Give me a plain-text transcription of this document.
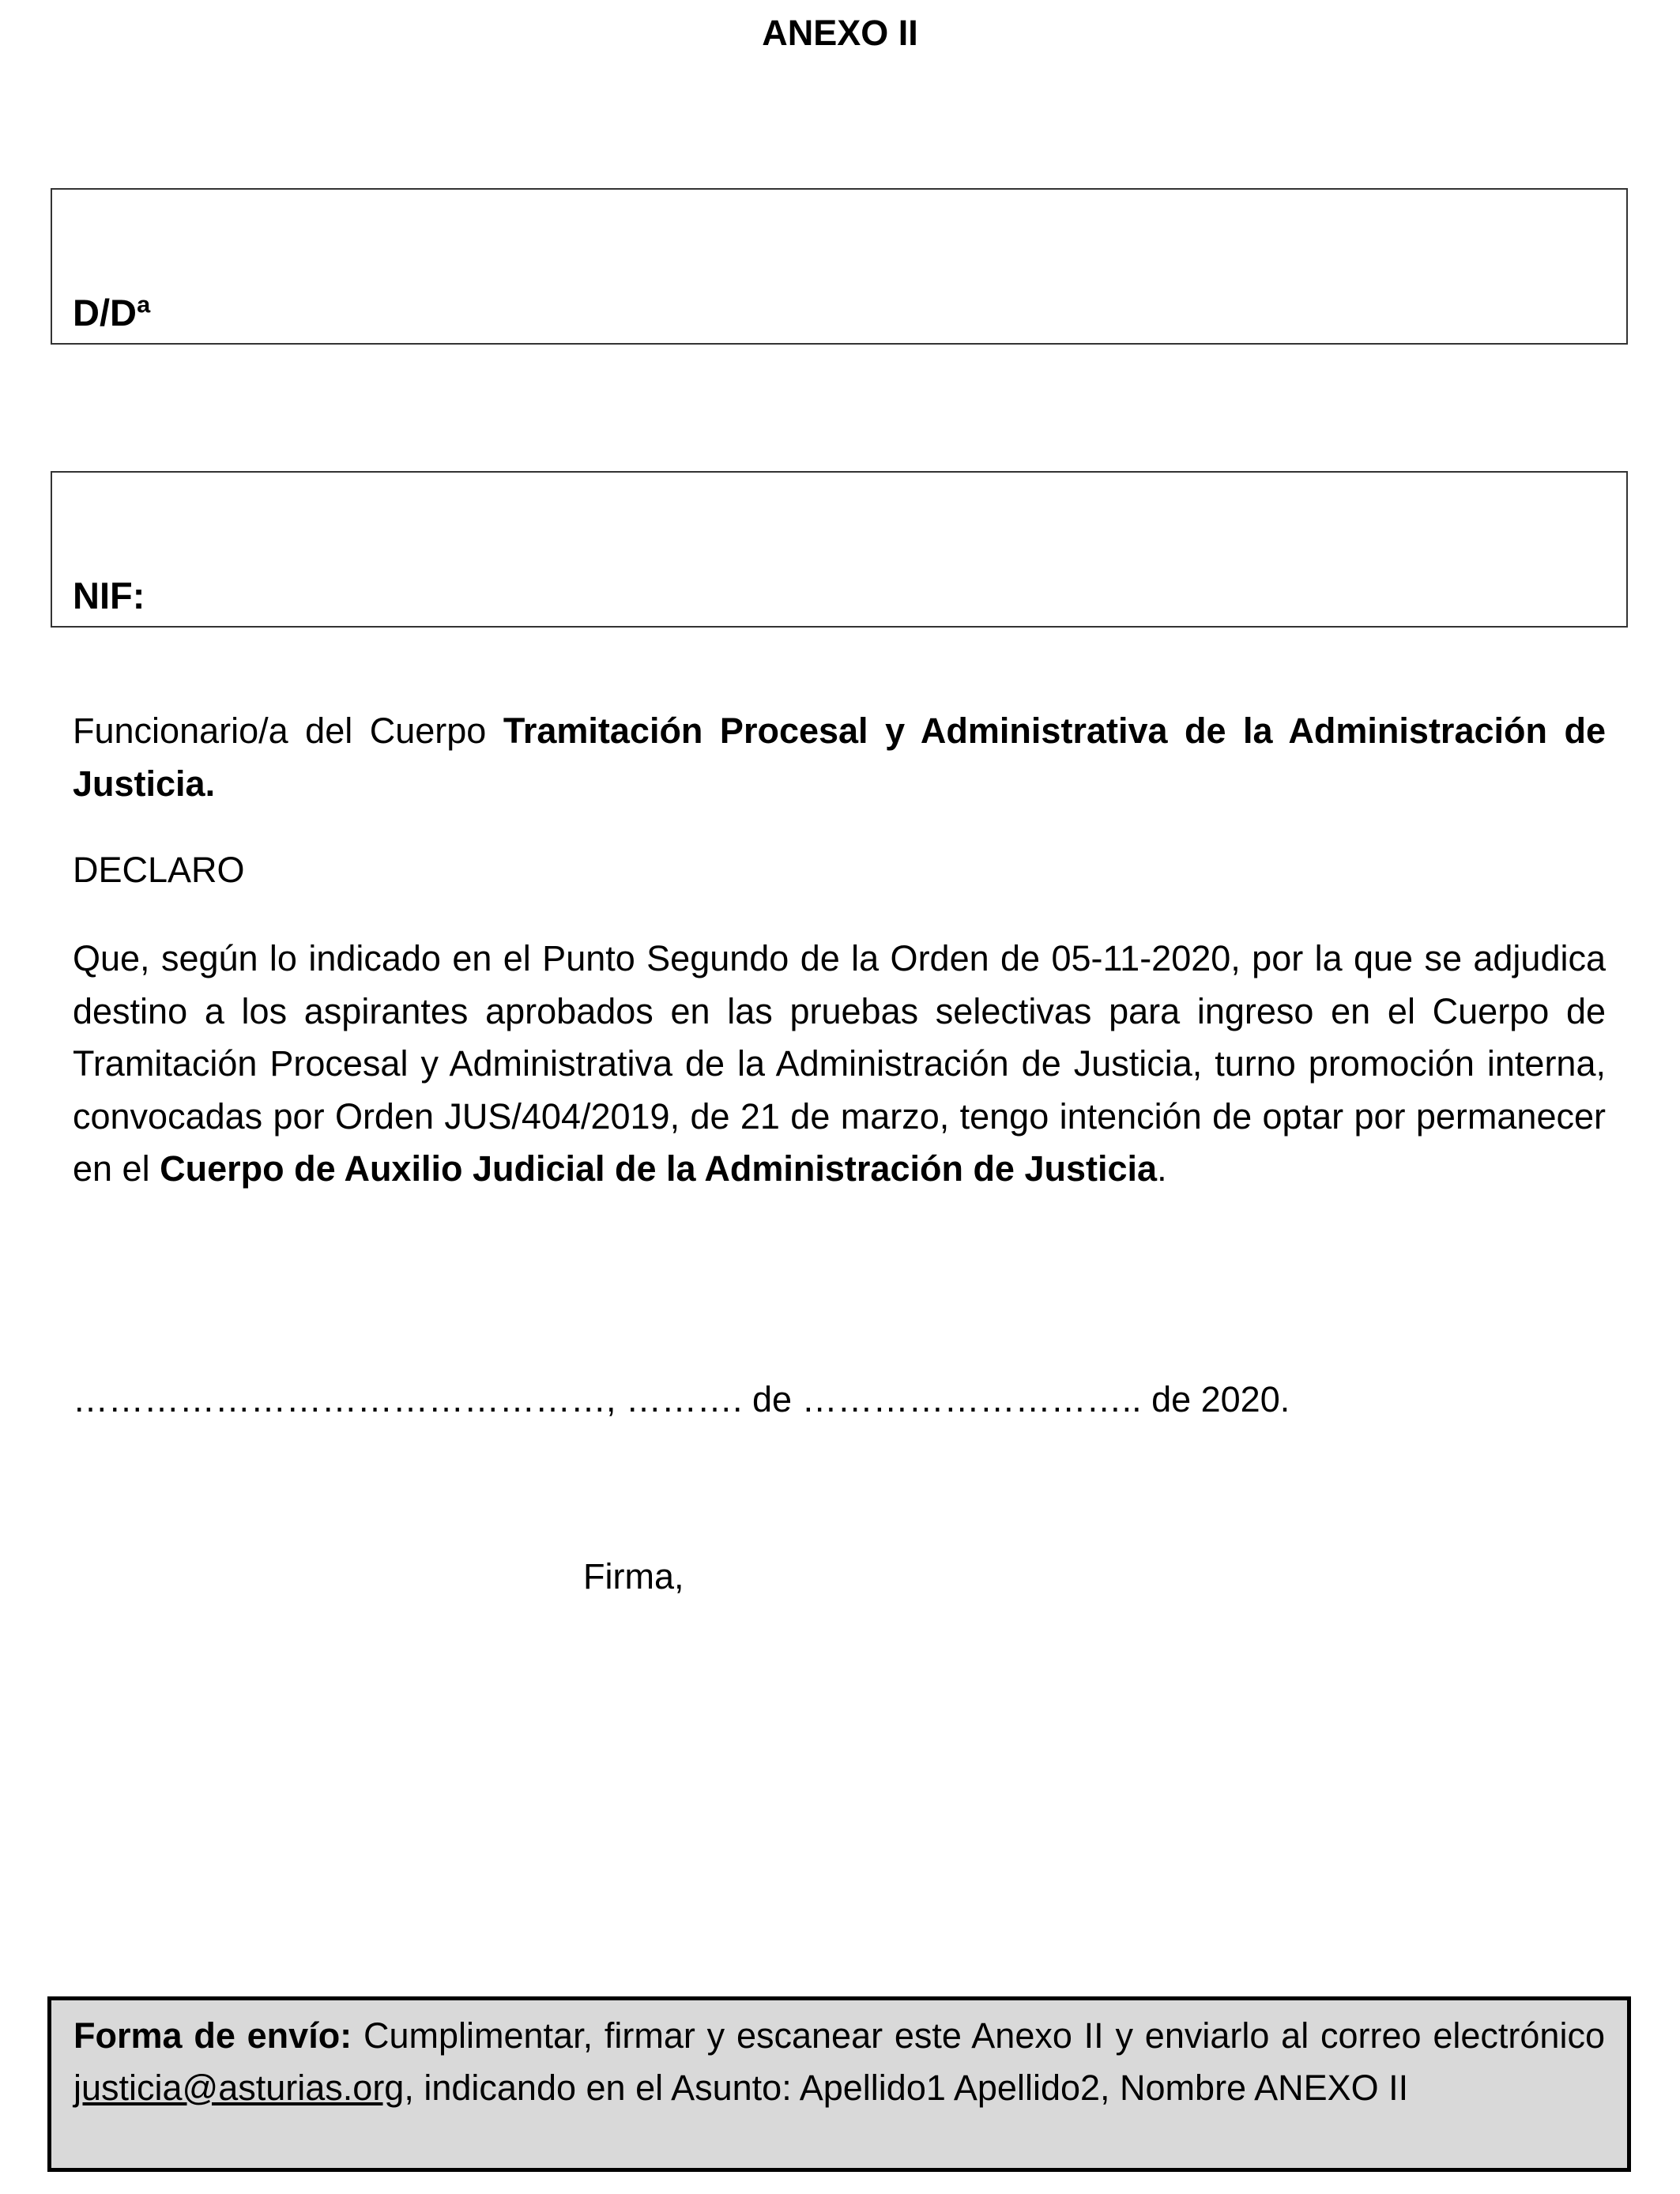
ANEXO II
D/Dª
NIF:
Funcionario/a del Cuerpo Tramitación Procesal y Administrativa de la Administración de Justicia.
DECLARO
Que, según lo indicado en el Punto Segundo de la Orden de 05-11-2020, por la que se adjudica destino a los aspirantes aprobados en las pruebas selectivas para ingreso en el Cuerpo de Tramitación Procesal y Administrativa de la Administración de Justicia, turno promoción interna, convocadas por Orden JUS/404/2019, de 21 de marzo, tengo intención de optar por permanecer en el Cuerpo de Auxilio Judicial de la Administración de Justicia.
………………………………………, ………. de ……………………….. de 2020.
Firma,
Forma de envío: Cumplimentar, firmar y escanear este Anexo II y enviarlo al correo electrónico justicia@asturias.org, indicando en el Asunto: Apellido1 Apellido2, Nombre ANEXO II
